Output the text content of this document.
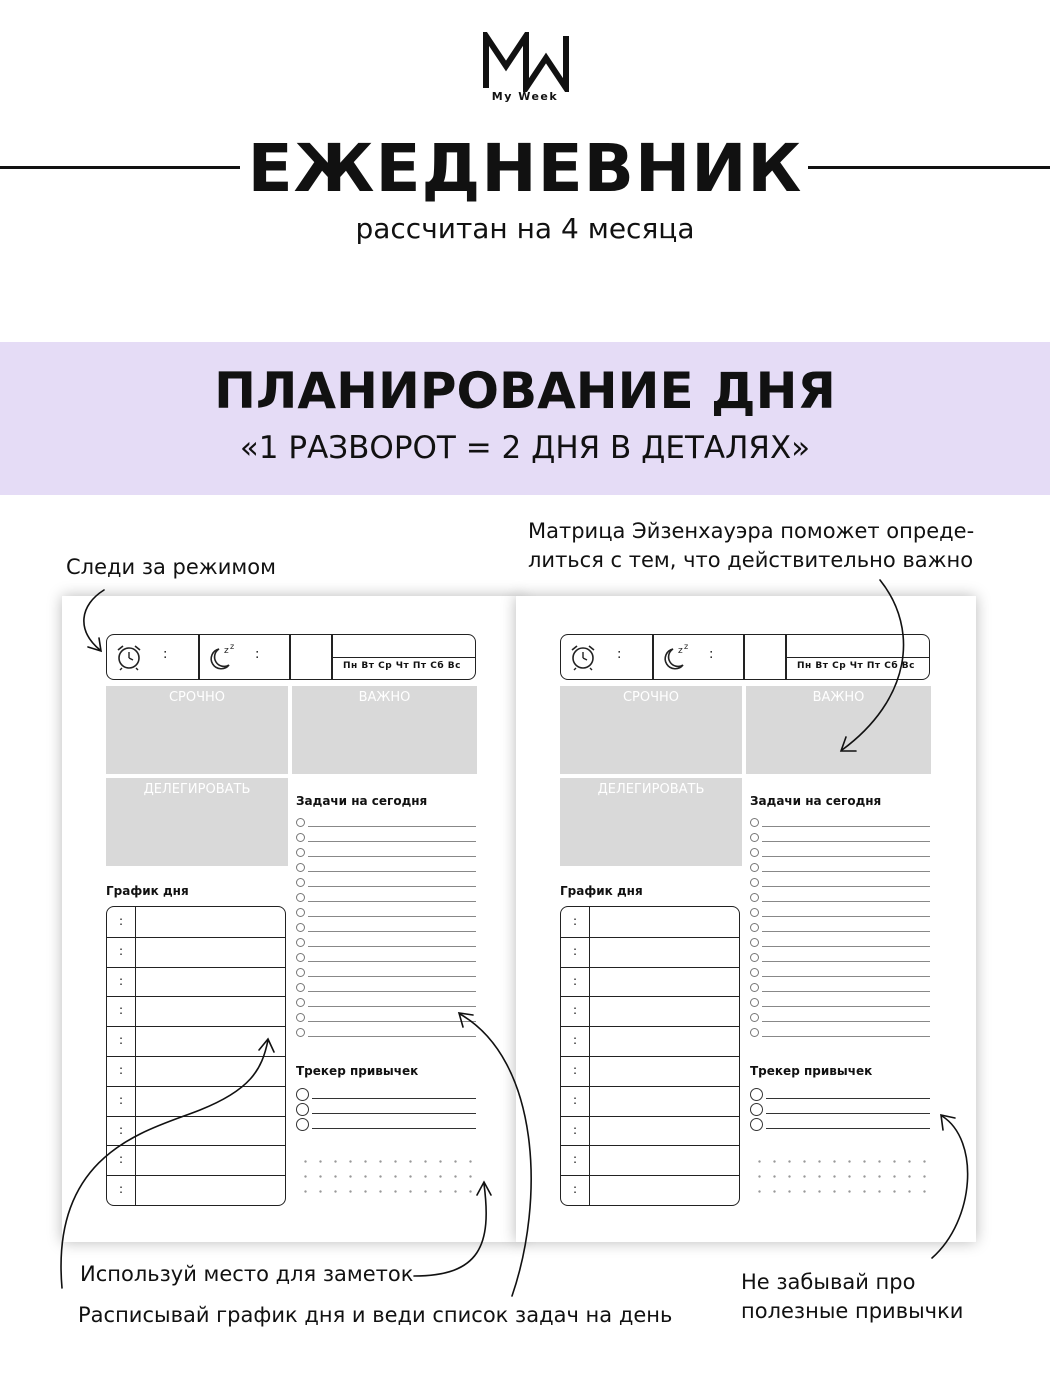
My Week
ЕЖЕДНЕВНИК
рассчитан на 4 месяца
ПЛАНИРОВАНИЕ ДНЯ
«1 РАЗВОРОТ = 2 ДНЯ В ДЕТАЛЯХ»
Следи за режимом
Матрица Эйзенхауэра поможет опреде-
литься с тем, что действительно важно
Используй место для заметок
Расписывай график дня и веди список задач на день
Не забывай про
полезные привычки
:	z z
:
Пн Вт Ср Чт Пт Сб Вс
СРОЧНО	ВАЖНО
ДЕЛЕГИРОВАТЬ
Задачи на сегодня
График дня
:
:
:
:
:
:
:
:
:
:
Трекер привычек
:	z z
:
Пн Вт Ср Чт Пт Сб Вс
СРОЧНО	ВАЖНО
ДЕЛЕГИРОВАТЬ
Задачи на сегодня
График дня
:
:
:
:
:
:
:
:
:
:
Трекер привычек
